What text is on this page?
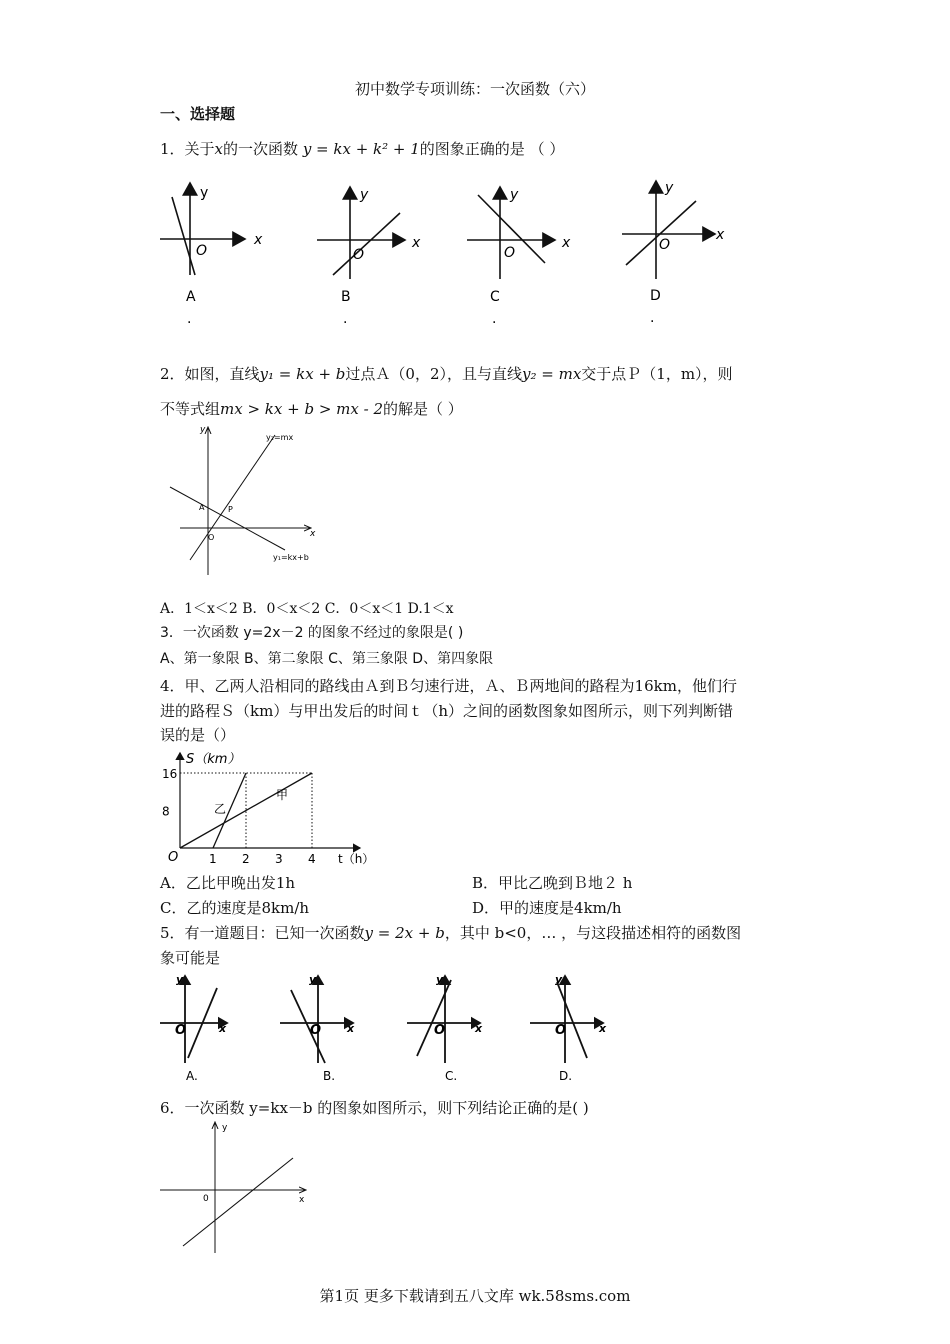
初中数学专项训练：一次函数（六）
一、选择题
1．关于x的一次函数 y = kx + k² + 1的图象正确的是 （ ）
y
x
O
A
.
y
x
O
B
.
y
x
O
C
.
y
x
O
D
.
2．如图，直线y₁ = kx + b过点Ａ（0，2），且与直线y₂ = mx交于点Ｐ（1，m），则
不等式组mx > kx + b > mx - 2的解是（ ）
y
x
O
A	P
y₂=mx
y₁=kx+b
A．1＜x＜2 B．0＜x＜2 C．0＜x＜1 D.1＜x
3．一次函数 y=2x－2 的图象不经过的象限是( )
A、第一象限 B、第二象限 C、第三象限 D、第四象限
4．甲、乙两人沿相同的路线由Ａ到Ｂ匀速行进，Ａ、Ｂ两地间的路程为16km，他们行
进的路程Ｓ（km）与甲出发后的时间ｔ（h）之间的函数图象如图所示，则下列判断错
误的是（）
S（km）
t（h）
O
8
16
1 2 3 4
乙
甲
A．乙比甲晚出发1h	B．甲比乙晚到Ｂ地２ h
C．乙的速度是8km/h	D．甲的速度是4km/h
5．有一道题目：已知一次函数y = 2x + b，其中 b<0，… ，与这段描述相符的函数图
象可能是
y
x
O
A.
y
x
O
B.
y
x
O
C.
y
x
O
D.
6．一次函数 y=kx－b 的图象如图所示，则下列结论正确的是( )
y
x
0
第1页 更多下载请到五八文库 wk.58sms.com
